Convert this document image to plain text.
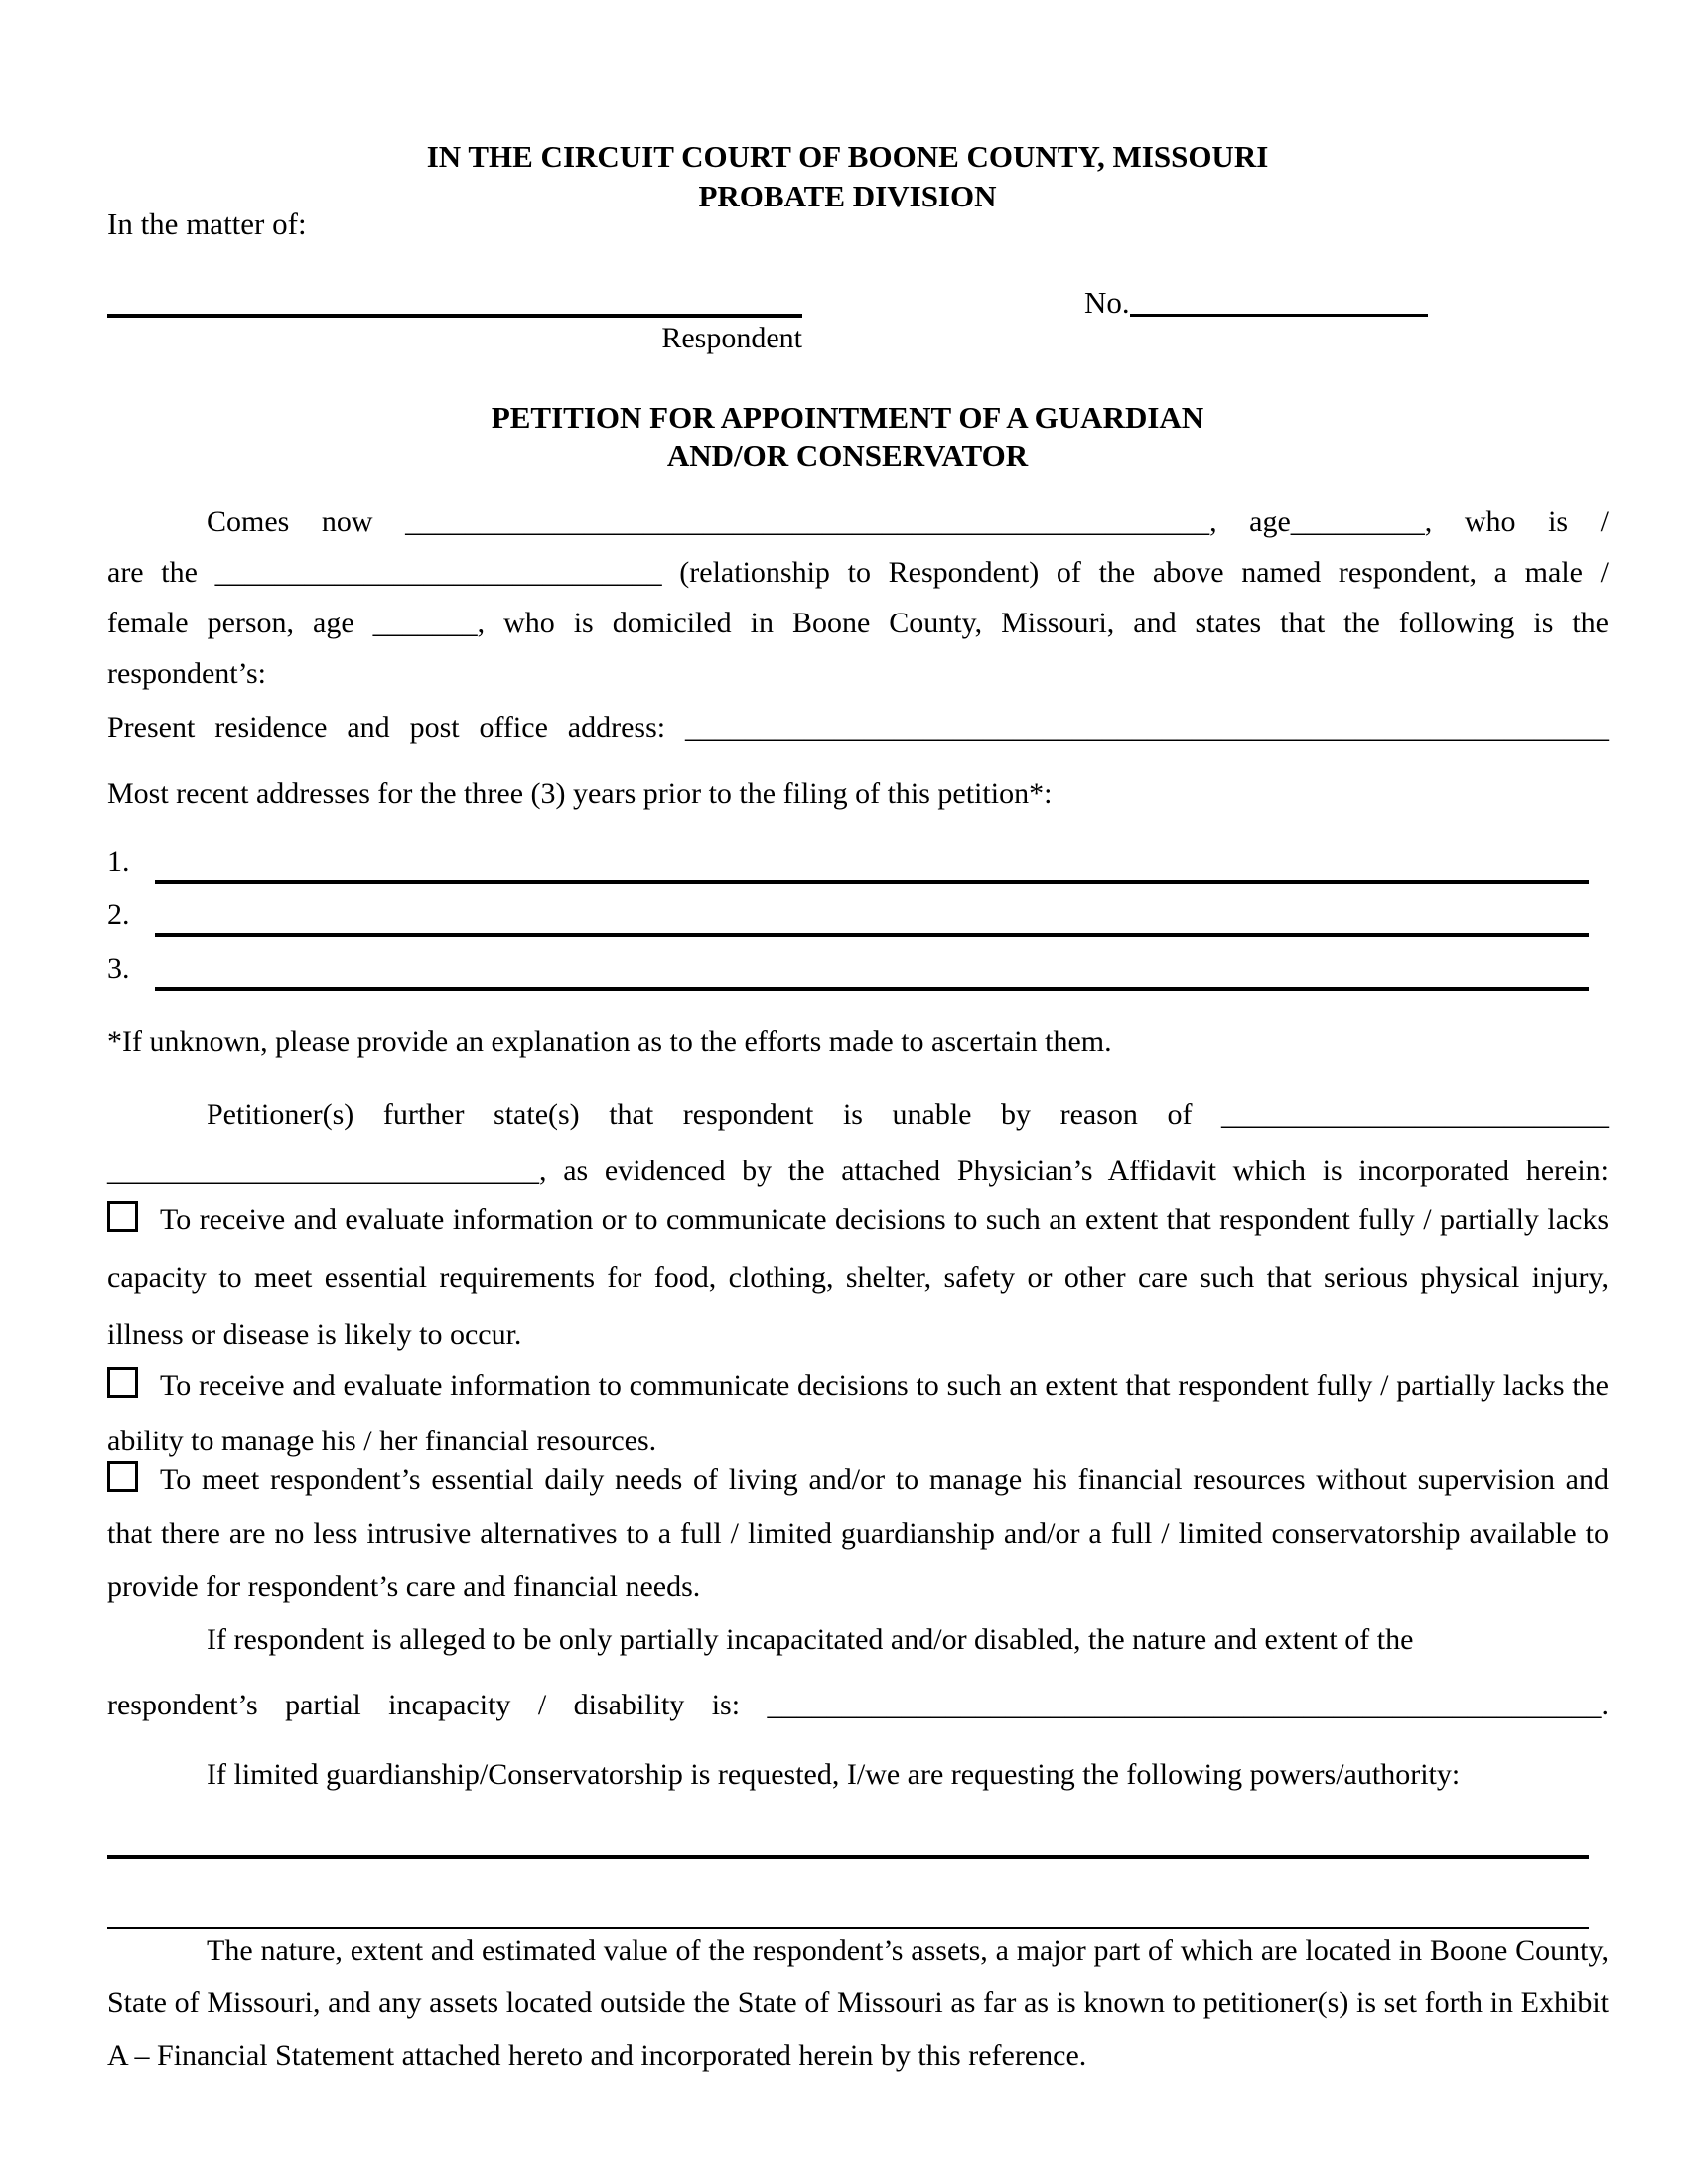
IN THE CIRCUIT COURT OF BOONE COUNTY, MISSOURI
PROBATE DIVISION
In the matter of:
Respondent
No.
PETITION FOR APPOINTMENT OF A GUARDIAN
AND/OR CONSERVATOR
Comes now ______________________________________________________, age_________, who is /
are the ______________________________ (relationship to Respondent) of the above named respondent, a male /
female person, age _______, who is domiciled in Boone County, Missouri, and states that the following is the
respondent’s:
Present residence and post office address: ______________________________________________________________
Most recent addresses for the three (3) years prior to the filing of this petition*:
1.
2.
3.
*If unknown, please provide an explanation as to the efforts made to ascertain them.
Petitioner(s) further state(s) that respondent is unable by reason of __________________________
_____________________________, as evidenced by the attached Physician’s Affidavit which is incorporated herein:
To receive and evaluate information or to communicate decisions to such an extent that respondent fully / partially lacks capacity to meet essential requirements for food, clothing, shelter, safety or other care such that serious physical injury, illness or disease is likely to occur.
To receive and evaluate information to communicate decisions to such an extent that respondent fully / partially lacks the ability to manage his / her financial resources.
To meet respondent’s essential daily needs of living and/or to manage his financial resources without supervision and that there are no less intrusive alternatives to a full / limited guardianship and/or a full / limited conservatorship available to provide for respondent’s care and financial needs.
If respondent is alleged to be only partially incapacitated and/or disabled, the nature and extent of the
respondent’s partial incapacity / disability is: ________________________________________________________.
If limited guardianship/Conservatorship is requested, I/we are requesting the following powers/authority:
The nature, extent and estimated value of the respondent’s assets, a major part of which are located in Boone County, State of Missouri, and any assets located outside the State of Missouri as far as is known to petitioner(s) is set forth in Exhibit A – Financial Statement attached hereto and incorporated herein by this reference.
